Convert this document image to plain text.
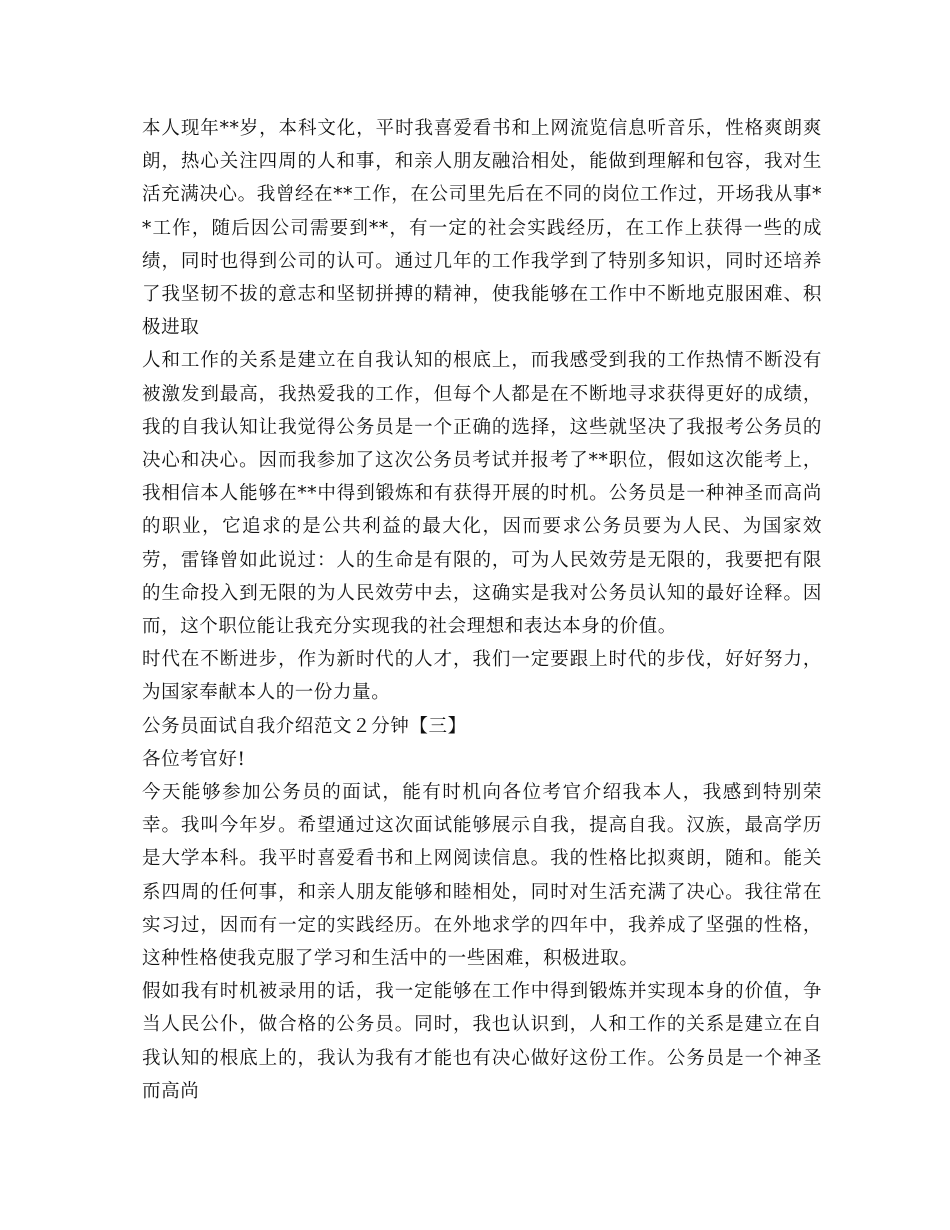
本人现年**岁，本科文化，平时我喜爱看书和上网流览信息听音乐，性格爽朗爽朗，热心关注四周的人和事，和亲人朋友融洽相处，能做到理解和包容，我对生活充满决心。我曾经在**工作，在公司里先后在不同的岗位工作过，开场我从事**工作，随后因公司需要到**，有一定的社会实践经历，在工作上获得一些的成绩，同时也得到公司的认可。通过几年的工作我学到了特别多知识，同时还培养了我坚韧不拔的意志和坚韧拼搏的精神，使我能够在工作中不断地克服困难、积极进取

人和工作的关系是建立在自我认知的根底上，而我感受到我的工作热情不断没有被激发到最高，我热爱我的工作，但每个人都是在不断地寻求获得更好的成绩，我的自我认知让我觉得公务员是一个正确的选择，这些就坚决了我报考公务员的决心和决心。因而我参加了这次公务员考试并报考了**职位，假如这次能考上，我相信本人能够在**中得到锻炼和有获得开展的时机。公务员是一种神圣而高尚的职业，它追求的是公共利益的最大化，因而要求公务员要为人民、为国家效劳，雷锋曾如此说过：人的生命是有限的，可为人民效劳是无限的，我要把有限的生命投入到无限的为人民效劳中去，这确实是我对公务员认知的最好诠释。因而，这个职位能让我充分实现我的社会理想和表达本身的价值。

时代在不断进步，作为新时代的人才，我们一定要跟上时代的步伐，好好努力，为国家奉献本人的一份力量。

公务员面试自我介绍范文２分钟【三】

各位考官好!

今天能够参加公务员的面试，能有时机向各位考官介绍我本人，我感到特别荣幸。我叫今年岁。希望通过这次面试能够展示自我，提高自我。汉族，最高学历是大学本科。我平时喜爱看书和上网阅读信息。我的性格比拟爽朗，随和。能关系四周的任何事，和亲人朋友能够和睦相处，同时对生活充满了决心。我往常在实习过，因而有一定的实践经历。在外地求学的四年中，我养成了坚强的性格，这种性格使我克服了学习和生活中的一些困难，积极进取。

假如我有时机被录用的话，我一定能够在工作中得到锻炼并实现本身的价值，争当人民公仆，做合格的公务员。同时，我也认识到，人和工作的关系是建立在自我认知的根底上的，我认为我有才能也有决心做好这份工作。公务员是一个神圣而高尚
